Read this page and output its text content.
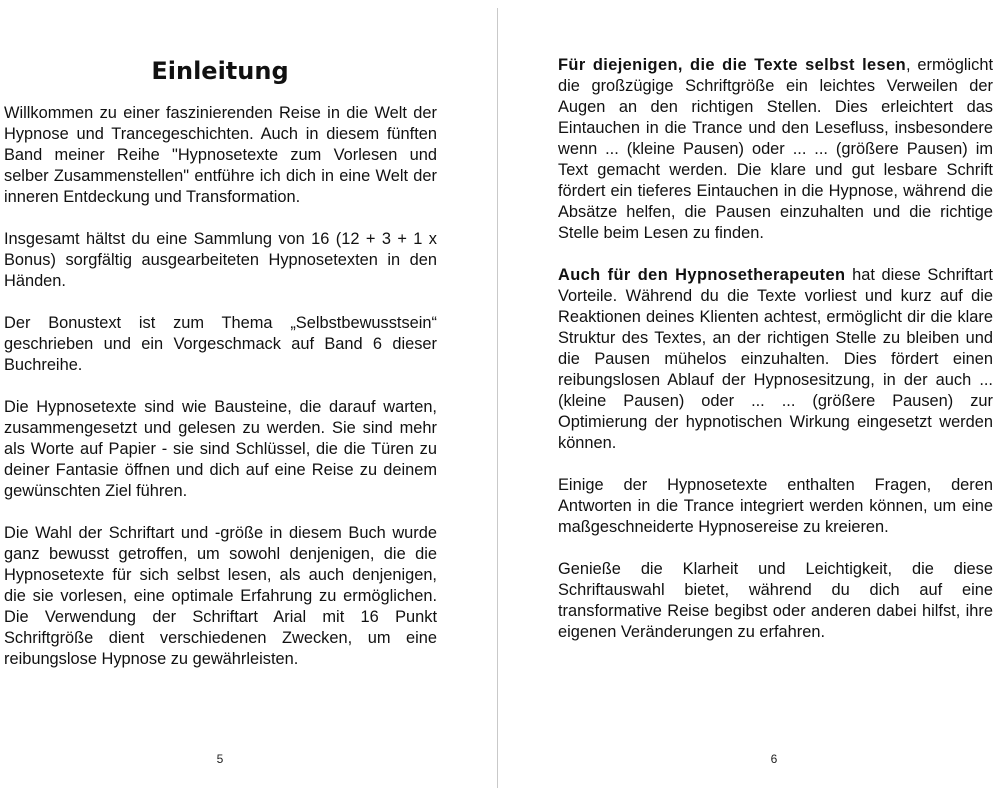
Einleitung

Willkommen zu einer faszinierenden Reise in die Welt der Hypnose und Trancegeschichten. Auch in diesem fünften Band meiner Reihe "Hypnosetexte zum Vorlesen und selber Zusammenstellen" entführe ich dich in eine Welt der inneren Entdeckung und Transformation.

Insgesamt hältst du eine Sammlung von 16 (12 + 3 + 1 x Bonus) sorgfältig ausgearbeiteten Hypnosetexten in den Händen.

Der Bonustext ist zum Thema „Selbstbewusstsein“ geschrieben und ein Vorgeschmack auf Band 6 dieser Buchreihe.

Die Hypnosetexte sind wie Bausteine, die darauf warten, zusammengesetzt und gelesen zu werden. Sie sind mehr als Worte auf Papier - sie sind Schlüssel, die die Türen zu deiner Fantasie öffnen und dich auf eine Reise zu deinem gewünschten Ziel führen.

Die Wahl der Schriftart und -größe in diesem Buch wurde ganz bewusst getroffen, um sowohl denjenigen, die die Hypnosetexte für sich selbst lesen, als auch denjenigen, die sie vorlesen, eine optimale Erfahrung zu ermöglichen. Die Verwendung der Schriftart Arial mit 16 Punkt Schriftgröße dient verschiedenen Zwecken, um eine reibungslose Hypnose zu gewährleisten.

5

Für diejenigen, die die Texte selbst lesen, ermöglicht die großzügige Schriftgröße ein leichtes Verweilen der Augen an den richtigen Stellen. Dies erleichtert das Eintauchen in die Trance und den Lesefluss, insbesondere wenn ... (kleine Pausen) oder ... ... (größere Pausen) im Text gemacht werden. Die klare und gut lesbare Schrift fördert ein tieferes Eintauchen in die Hypnose, während die Absätze helfen, die Pausen einzuhalten und die richtige Stelle beim Lesen zu finden.

Auch für den Hypnosetherapeuten hat diese Schriftart Vorteile. Während du die Texte vorliest und kurz auf die Reaktionen deines Klienten achtest, ermöglicht dir die klare Struktur des Textes, an der richtigen Stelle zu bleiben und die Pausen mühelos einzuhalten. Dies fördert einen reibungslosen Ablauf der Hypnosesitzung, in der auch ... (kleine Pausen) oder ... ... (größere Pausen) zur Optimierung der hypnotischen Wirkung eingesetzt werden können.

Einige der Hypnosetexte enthalten Fragen, deren Antworten in die Trance integriert werden können, um eine maßgeschneiderte Hypnosereise zu kreieren.

Genieße die Klarheit und Leichtigkeit, die diese Schriftauswahl bietet, während du dich auf eine transformative Reise begibst oder anderen dabei hilfst, ihre eigenen Veränderungen zu erfahren.

6
